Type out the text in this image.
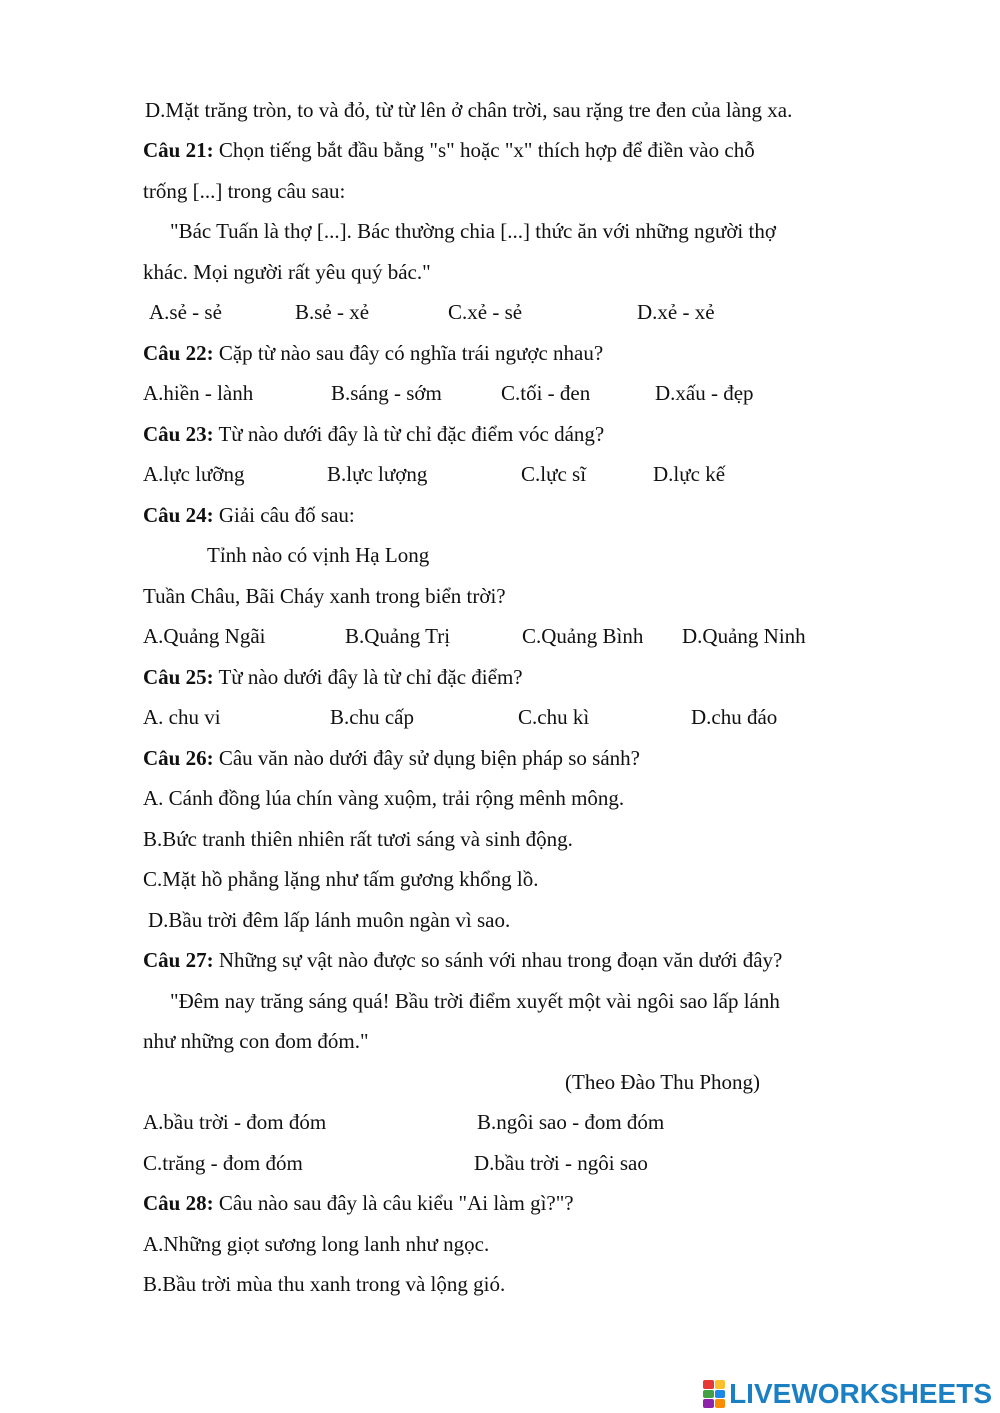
D.Mặt trăng tròn, to và đỏ, từ từ lên ở chân trời, sau rặng tre đen của làng xa.
Câu 21: Chọn tiếng bắt đầu bằng "s" hoặc "x" thích hợp để điền vào chỗ
trống [...] trong câu sau:
"Bác Tuấn là thợ [...]. Bác thường chia [...] thức ăn với những người thợ
khác. Mọi người rất yêu quý bác."
A.sẻ - sẻ	B.sẻ - xẻ	C.xẻ - sẻ	D.xẻ - xẻ
Câu 22: Cặp từ nào sau đây có nghĩa trái ngược nhau?
A.hiền - lành	B.sáng - sớm	C.tối - đen	D.xấu - đẹp
Câu 23: Từ nào dưới đây là từ chỉ đặc điểm vóc dáng?
A.lực lưỡng	B.lực lượng	C.lực sĩ	D.lực kế
Câu 24: Giải câu đố sau:
Tỉnh nào có vịnh Hạ Long
Tuần Châu, Bãi Cháy xanh trong biển trời?
A.Quảng Ngãi	B.Quảng Trị	C.Quảng Bình D.Quảng Ninh
Câu 25: Từ nào dưới đây là từ chỉ đặc điểm?
A. chu vi	B.chu cấp	C.chu kì	D.chu đáo
Câu 26: Câu văn nào dưới đây sử dụng biện pháp so sánh?
A. Cánh đồng lúa chín vàng xuộm, trải rộng mênh mông.
B.Bức tranh thiên nhiên rất tươi sáng và sinh động.
C.Mặt hồ phẳng lặng như tấm gương khổng lồ.
D.Bầu trời đêm lấp lánh muôn ngàn vì sao.
Câu 27: Những sự vật nào được so sánh với nhau trong đoạn văn dưới đây?
"Đêm nay trăng sáng quá! Bầu trời điểm xuyết một vài ngôi sao lấp lánh
như những con đom đóm."
(Theo Đào Thu Phong)
A.bầu trời - đom đóm	B.ngôi sao - đom đóm
C.trăng - đom đóm	D.bầu trời - ngôi sao
Câu 28: Câu nào sau đây là câu kiểu "Ai làm gì?"?
A.Những giọt sương long lanh như ngọc.
B.Bầu trời mùa thu xanh trong và lộng gió.
LIVEWORKSHEETS
